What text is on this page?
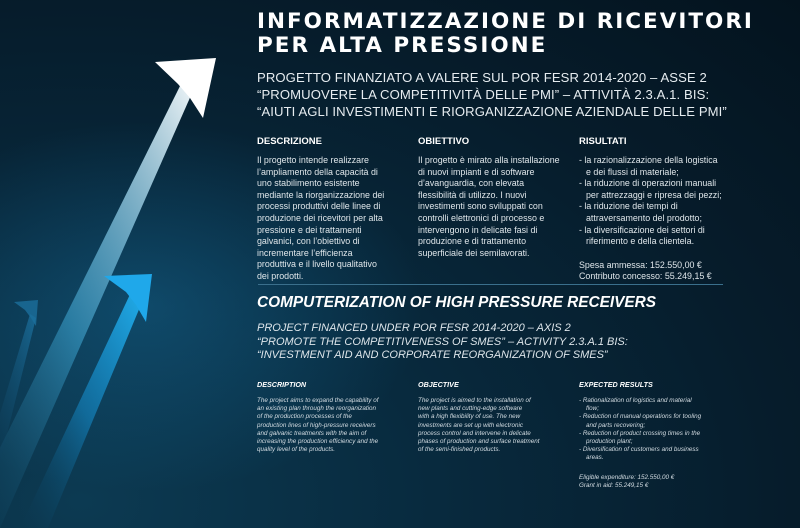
INFORMATIZZAZIONE DI RICEVITORI
PER ALTA PRESSIONE
PROGETTO FINANZIATO A VALERE SUL POR FESR 2014-2020 – ASSE 2
“PROMUOVERE LA COMPETITIVITÀ DELLE PMI” – ATTIVITÀ 2.3.A.1. BIS:
“AIUTI AGLI INVESTIMENTI E RIORGANIZZAZIONE AZIENDALE DELLE PMI”
DESCRIZIONE
Il progetto intende realizzare
l’ampliamento della capacità di
uno stabilimento esistente
mediante la riorganizzazione dei
processi produttivi delle linee di
produzione dei ricevitori per alta
pressione e dei trattamenti
galvanici, con l’obiettivo di
incrementare l’efficienza
produttiva e il livello qualitativo
dei prodotti.
OBIETTIVO
Il progetto è mirato alla installazione
di nuovi impianti e di software
d’avanguardia, con elevata
flessibilità di utilizzo. I nuovi
investimenti sono sviluppati con
controlli elettronici di processo e
intervengono in delicate fasi di
produzione e di trattamento
superficiale dei semilavorati.
RISULTATI
- la razionalizzazione della logistica
e dei flussi di materiale;
- la riduzione di operazioni manuali
per attrezzaggi e ripresa dei pezzi;
- la riduzione dei tempi di
attraversamento del prodotto;
- la diversificazione dei settori di
riferimento e della clientela.
Spesa ammessa: 152.550,00 €
Contributo concesso: 55.249,15 €
COMPUTERIZATION OF HIGH PRESSURE RECEIVERS
PROJECT FINANCED UNDER POR FESR 2014-2020 – AXIS 2
“PROMOTE THE COMPETITIVENESS OF SMES” – ACTIVITY 2.3.A.1 BIS:
“INVESTMENT AID AND CORPORATE REORGANIZATION OF SMES”
DESCRIPTION
The project aims to expand the capability of
an existing plan through the reorganization
of the production processes of the
production lines of high-pressure receivers
and galvanic treatments with the aim of
increasing the production efficiency and the
quality level of the products.
OBJECTIVE
The project is aimed to the installation of
new plants and cutting-edge software
with a high flexibility of use. The new
investments are set up with electronic
process control and intervene in delicate
phases of production and surface treatment
of the semi-finished products.
EXPECTED RESULTS
- Rationalization of logistics and material
flow;
- Reduction of manual operations for tooling
and parts recovering;
- Reduction of product crossing times in the
production plant;
- Diversification of customers and business
areas.
Eligible expenditure: 152.550,00 €
Grant in aid: 55.249,15 €
